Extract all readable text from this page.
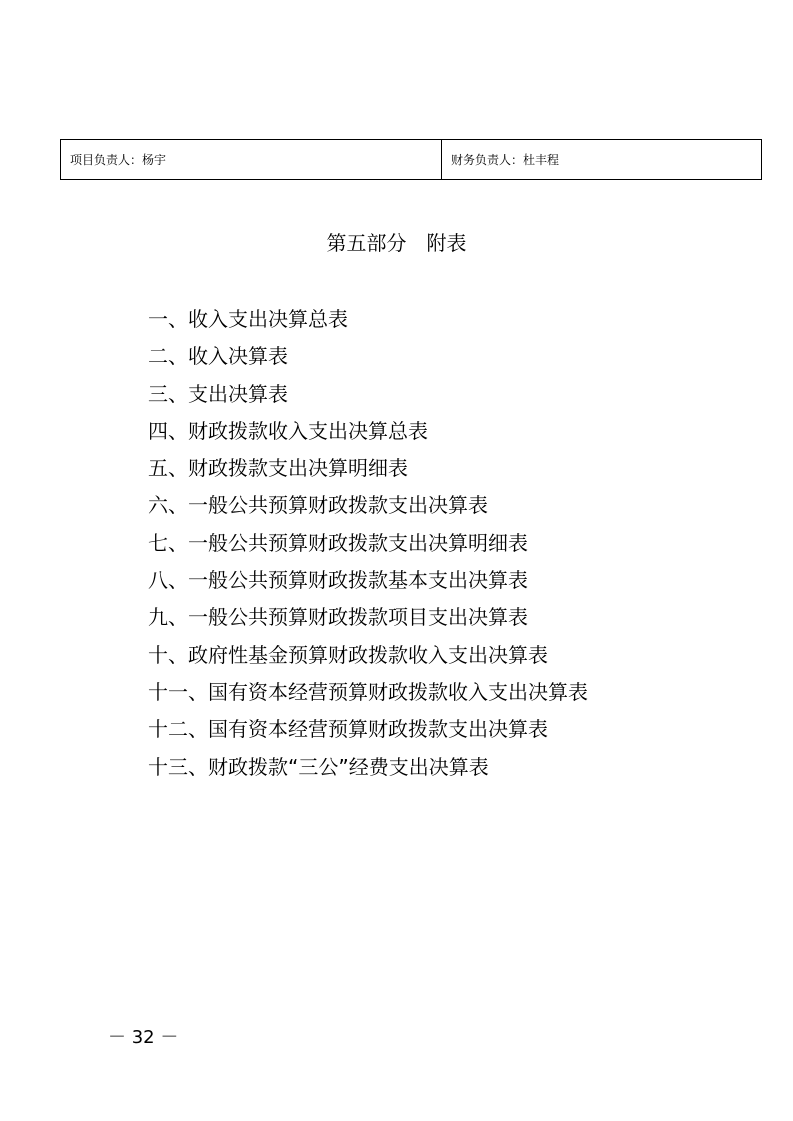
项目负责人：杨宇	财务负责人：杜丰程
第五部分　附表
一、收入支出决算总表
二、收入决算表
三、支出决算表
四、财政拨款收入支出决算总表
五、财政拨款支出决算明细表
六、一般公共预算财政拨款支出决算表
七、一般公共预算财政拨款支出决算明细表
八、一般公共预算财政拨款基本支出决算表
九、一般公共预算财政拨款项目支出决算表
十、政府性基金预算财政拨款收入支出决算表
十一、国有资本经营预算财政拨款收入支出决算表
十二、国有资本经营预算财政拨款支出决算表
十三、财政拨款“三公”经费支出决算表
－ 32 －
